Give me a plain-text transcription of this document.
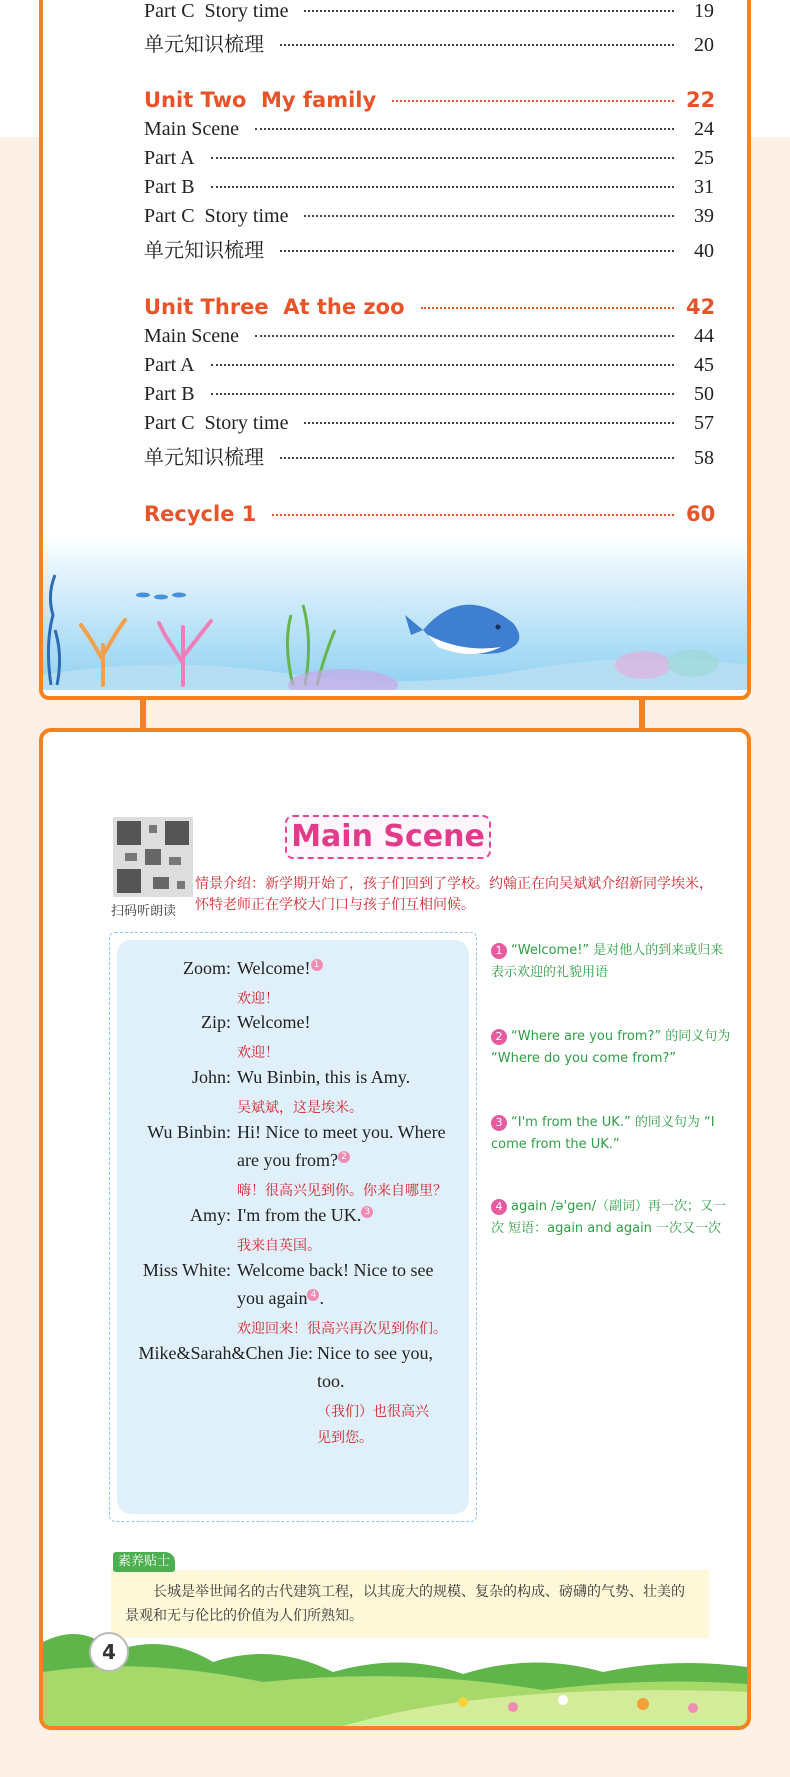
Part C  Story time	19
单元知识梳理	20
Unit Two  My family	22
Main Scene	24
Part A	25
Part B	31
Part C  Story time	39
单元知识梳理	40
Unit Three  At the zoo	42
Main Scene	44
Part A	45
Part B	50
Part C  Story time	57
单元知识梳理	58
Recycle 1	60
扫码听朗读
Main Scene
情景介绍：新学期开始了，孩子们回到了学校。约翰正在向吴斌斌介绍新同学埃米，怀特老师正在学校大门口与孩子们互相问候。
Zoom: Welcome! 1
欢迎！
Zip: Welcome!
欢迎！
John: Wu Binbin, this is Amy.
吴斌斌，这是埃米。
Wu Binbin: Hi! Nice to meet you. Where
are you from? 2
嗨！很高兴见到你。你来自哪里？
Amy: I'm from the UK. 3
我来自英国。
Miss White: Welcome back! Nice to see
you again 4 .
欢迎回来！很高兴再次见到你们。
Mike&Sarah&Chen Jie: Nice to see you,
too.
（我们）也很高兴
见到您。
1 “Welcome!” 是对他人的到来或归来表示欢迎的礼貌用语
2 “Where are you from?” 的同义句为 “Where do you come from?”
3 “I'm from the UK.” 的同义句为 “I come from the UK.”
4 again /ə'gen/（副词）再一次；又一次 短语：again and again 一次又一次
长城是举世闻名的古代建筑工程，以其庞大的规模、复杂的构成、磅礴的气势、壮美的景观和无与伦比的价值为人们所熟知。
素养贴士
4
